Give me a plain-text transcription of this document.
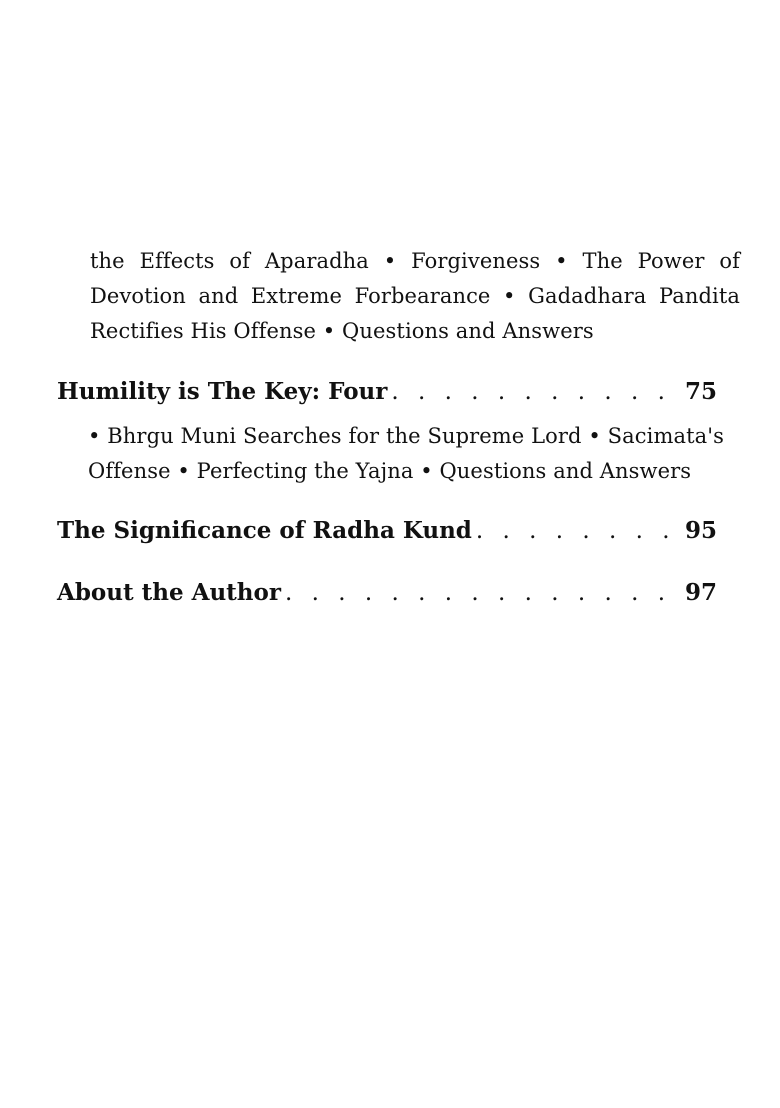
the Effects of Aparadha • Forgiveness • The Power of Devotion and Extreme Forbearance • Gadadhara Pandita Rectifies His Offense • Questions and Answers
Humility is The Key: Four . . .	75
• Bhrgu Muni Searches for the Supreme Lord • Sacimata's Offense • Perfecting the Yajna • Questions and Answers
The Significance of Radha Kund . . .	95
About the Author . . .	97
